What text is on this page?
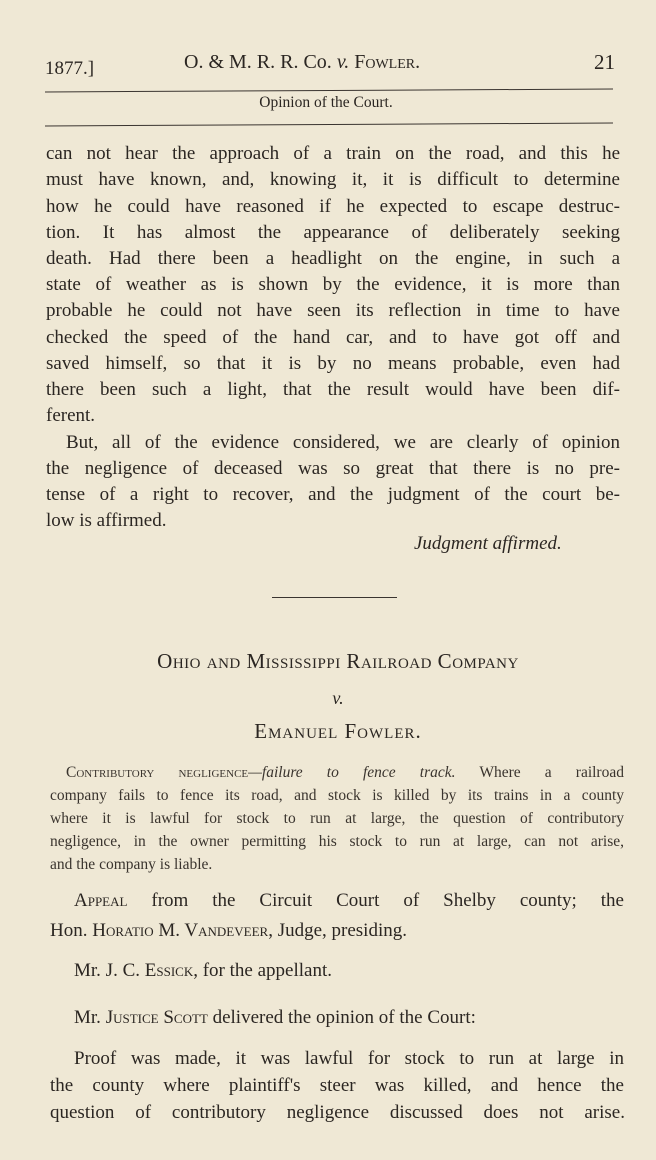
1877.]	O. & M. R. R. Co. v. Fowler.	21
Opinion of the Court.
can not hear the approach of a train on the road, and this he
must have known, and, knowing it, it is difficult to determine
how he could have reasoned if he expected to escape destruc-
tion. It has almost the appearance of deliberately seeking
death. Had there been a headlight on the engine, in such a
state of weather as is shown by the evidence, it is more than
probable he could not have seen its reflection in time to have
checked the speed of the hand car, and to have got off and
saved himself, so that it is by no means probable, even had
there been such a light, that the result would have been dif-
ferent.
But, all of the evidence considered, we are clearly of opinion
the negligence of deceased was so great that there is no pre-
tense of a right to recover, and the judgment of the court be-
low is affirmed.
Judgment affirmed.
Ohio and Mississippi Railroad Company
v.
Emanuel Fowler.
Contributory negligence—failure to fence track. Where a railroad
company fails to fence its road, and stock is killed by its trains in a county
where it is lawful for stock to run at large, the question of contributory
negligence, in the owner permitting his stock to run at large, can not arise,
and the company is liable.
Appeal from the Circuit Court of Shelby county; the
Hon. Horatio M. Vandeveer, Judge, presiding.
Mr. J. C. Essick, for the appellant.
Mr. Justice Scott delivered the opinion of the Court:
Proof was made, it was lawful for stock to run at large in
the county where plaintiff's steer was killed, and hence the
question of contributory negligence discussed does not arise.
